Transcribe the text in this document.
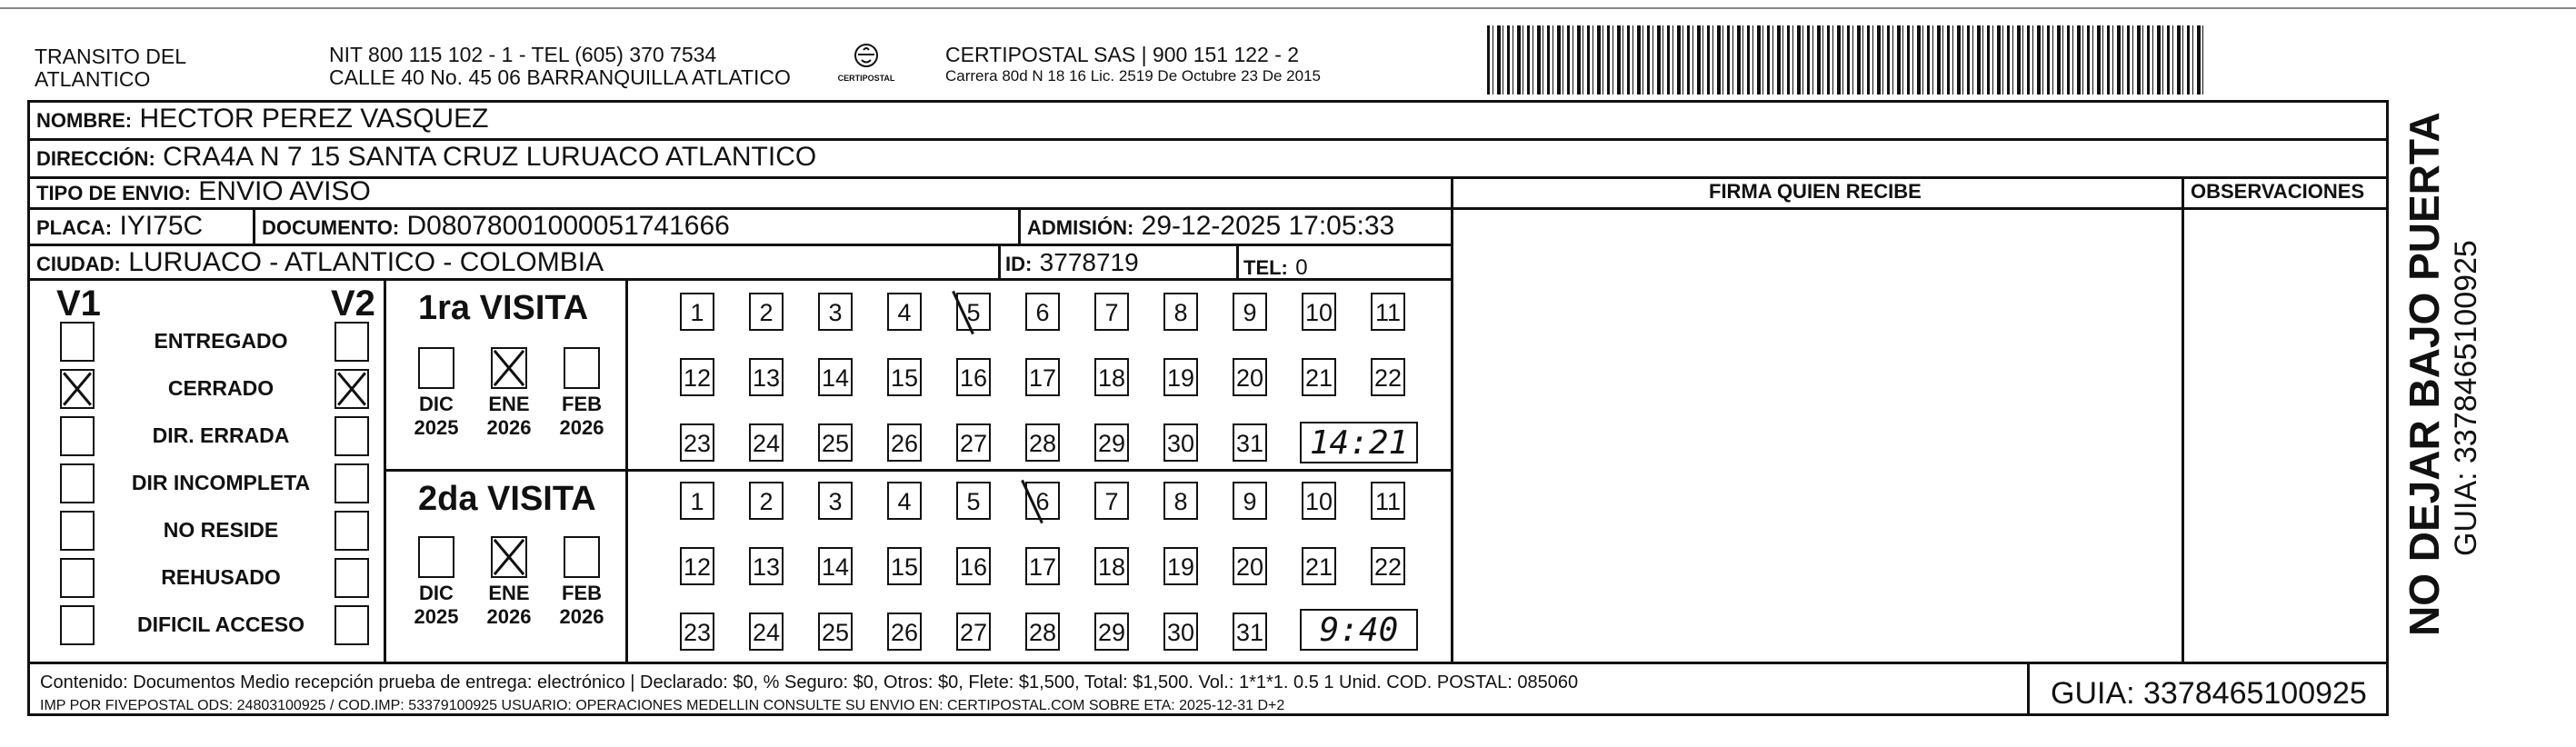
TRANSITO DEL
ATLANTICO
NIT 800 115 102 - 1 - TEL (605) 370 7534
CALLE 40 No. 45 06 BARRANQUILLA ATLATICO	CERTIPOSTAL
CERTIPOSTAL SAS | 900 151 122 - 2
Carrera 80d N 18 16 Lic. 2519 De Octubre 23 De 2015
NOMBRE: HECTOR PEREZ VASQUEZ
DIRECCIÓN: CRA4A N 7 15 SANTA CRUZ LURUACO ATLANTICO
TIPO DE ENVIO: ENVIO AVISO	FIRMA QUIEN RECIBE	OBSERVACIONES
PLACA: IYI75C	DOCUMENTO: D08078001000051741666	ADMISIÓN: 29-12-2025 17:05:33
CIUDAD: LURUACO - ATLANTICO - COLOMBIA	ID: 3778719	TEL: 0
V1	V2
ENTREGADO
CERRADO
DIR. ERRADA
DIR INCOMPLETA
NO RESIDE
REHUSADO
DIFICIL ACCESO
1ra VISITA
DIC
2025
ENE
2026
FEB
2026
1	2	3	4	5	6	7	8	9	10 11
12 13 14 15 16 17 18 19 20 21 22
23 24 25 26 27 28 29 30 31	14:21
2da VISITA
DIC
2025
ENE
2026
FEB
2026
1	2	3	4	5	6	7	8	9	10 11
12 13 14 15 16 17 18 19 20 21 22
23 24 25 26 27 28 29 30 31	9:40
Contenido: Documentos Medio recepción prueba de entrega: electrónico | Declarado: $0, % Seguro: $0, Otros: $0, Flete: $1,500, Total: $1,500. Vol.: 1*1*1. 0.5 1 Unid. COD. POSTAL: 085060
IMP POR FIVEPOSTAL ODS: 24803100925 / COD.IMP: 53379100925 USUARIO: OPERACIONES MEDELLIN CONSULTE SU ENVIO EN: CERTIPOSTAL.COM SOBRE ETA: 2025-12-31 D+2	GUIA: 3378465100925
NO DEJAR BAJO PUERTA GUIA: 3378465100925
